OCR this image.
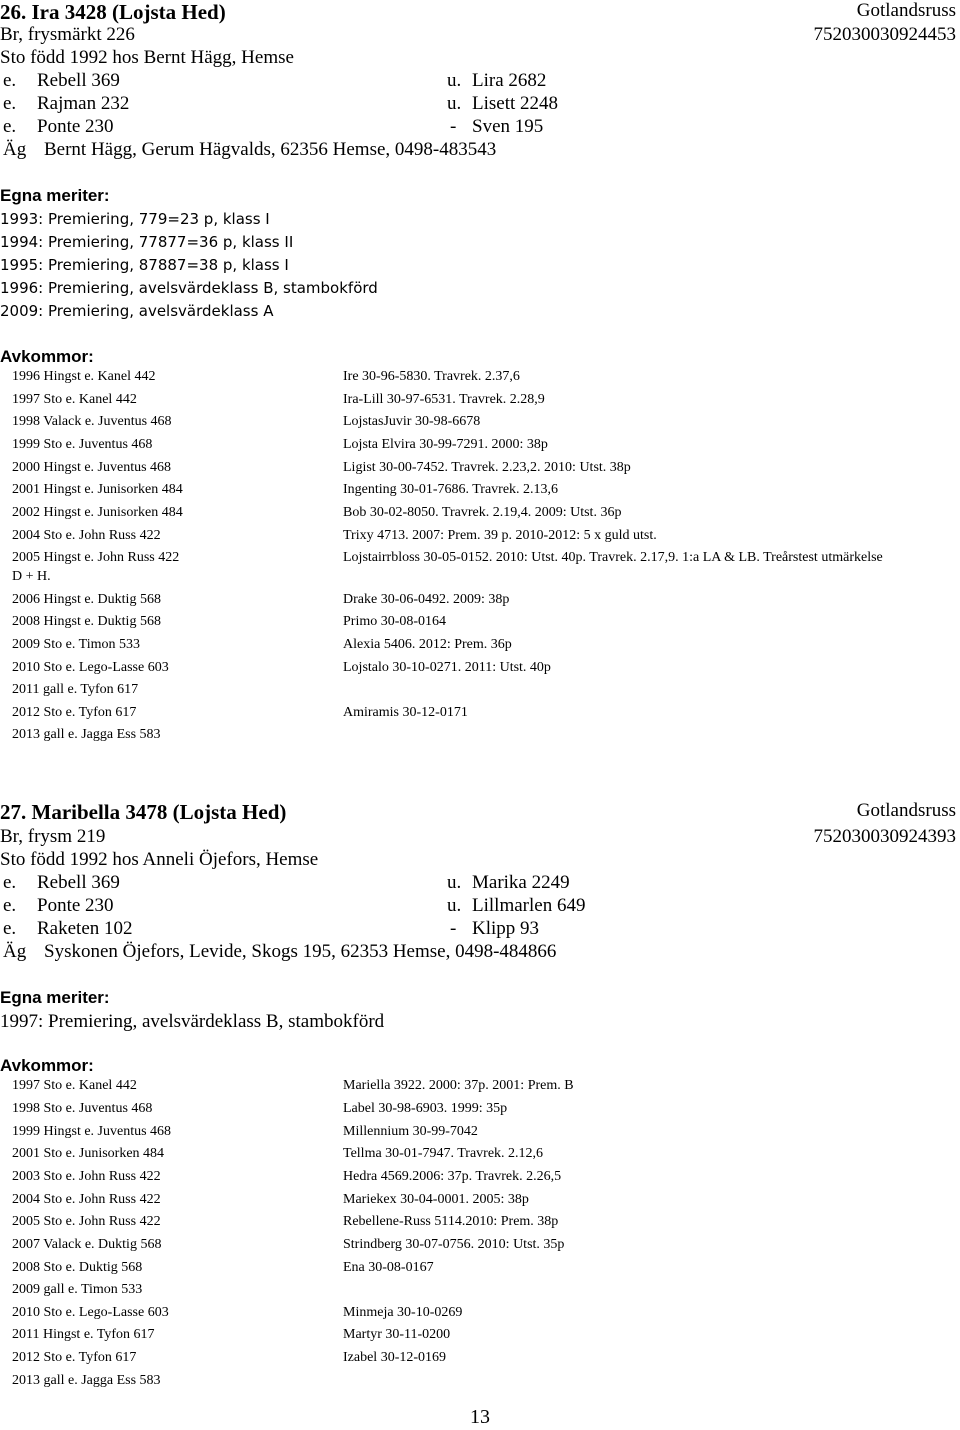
26. Ira 3428 (Lojsta Hed)	Gotlandsruss
Br, frysmärkt 226	752030030924453
Sto född 1992 hos Bernt Hägg, Hemse
e. Rebell 369	u. Lira 2682
e. Rajman 232	u. Lisett 2248
e. Ponte 230	- Sven 195
Äg Bernt Hägg, Gerum Hägvalds, 62356 Hemse, 0498-483543
Egna meriter:
1993: Premiering, 779=23 p, klass I
1994: Premiering, 77877=36 p, klass II
1995: Premiering, 87887=38 p, klass I
1996: Premiering, avelsvärdeklass B, stambokförd
2009: Premiering, avelsvärdeklass A
Avkommor:
1996 Hingst e. Kanel 442	Ire 30-96-5830. Travrek. 2.37,6
1997 Sto e. Kanel 442	Ira-Lill 30-97-6531. Travrek. 2.28,9
1998 Valack e. Juventus 468	LojstasJuvir 30-98-6678
1999 Sto e. Juventus 468	Lojsta Elvira 30-99-7291. 2000: 38p
2000 Hingst e. Juventus 468	Ligist 30-00-7452. Travrek. 2.23,2. 2010: Utst. 38p
2001 Hingst e. Junisorken 484	Ingenting 30-01-7686. Travrek. 2.13,6
2002 Hingst e. Junisorken 484	Bob 30-02-8050. Travrek. 2.19,4. 2009: Utst. 36p
2004 Sto e. John Russ 422	Trixy 4713. 2007: Prem. 39 p. 2010-2012: 5 x guld utst.
2005 Hingst e. John Russ 422	Lojstairrbloss 30-05-0152. 2010: Utst. 40p. Travrek. 2.17,9. 1:a LA & LB. Treårstest utmärkelse
D + H.
2006 Hingst e. Duktig 568	Drake 30-06-0492. 2009: 38p
2008 Hingst e. Duktig 568	Primo 30-08-0164
2009 Sto e. Timon 533	Alexia 5406. 2012: Prem. 36p
2010 Sto e. Lego-Lasse 603	Lojstalo 30-10-0271. 2011: Utst. 40p
2011 gall e. Tyfon 617
2012 Sto e. Tyfon 617	Amiramis 30-12-0171
2013 gall e. Jagga Ess 583
27. Maribella 3478 (Lojsta Hed)	Gotlandsruss
Br, frysm 219	752030030924393
Sto född 1992 hos Anneli Öjefors, Hemse
e. Rebell 369	u. Marika 2249
e. Ponte 230	u. Lillmarlen 649
e. Raketen 102	- Klipp 93
Äg Syskonen Öjefors, Levide, Skogs 195, 62353 Hemse, 0498-484866
Egna meriter:
1997: Premiering, avelsvärdeklass B, stambokförd
Avkommor:
1997 Sto e. Kanel 442	Mariella 3922. 2000: 37p. 2001: Prem. B
1998 Sto e. Juventus 468	Label 30-98-6903. 1999: 35p
1999 Hingst e. Juventus 468	Millennium 30-99-7042
2001 Sto e. Junisorken 484	Tellma 30-01-7947. Travrek. 2.12,6
2003 Sto e. John Russ 422	Hedra 4569.2006: 37p. Travrek. 2.26,5
2004 Sto e. John Russ 422	Mariekex 30-04-0001. 2005: 38p
2005 Sto e. John Russ 422	Rebellene-Russ 5114.2010: Prem. 38p
2007 Valack e. Duktig 568	Strindberg 30-07-0756. 2010: Utst. 35p
2008 Sto e. Duktig 568	Ena 30-08-0167
2009 gall e. Timon 533
2010 Sto e. Lego-Lasse 603	Minmeja 30-10-0269
2011 Hingst e. Tyfon 617	Martyr 30-11-0200
2012 Sto e. Tyfon 617	Izabel 30-12-0169
2013 gall e. Jagga Ess 583
13
